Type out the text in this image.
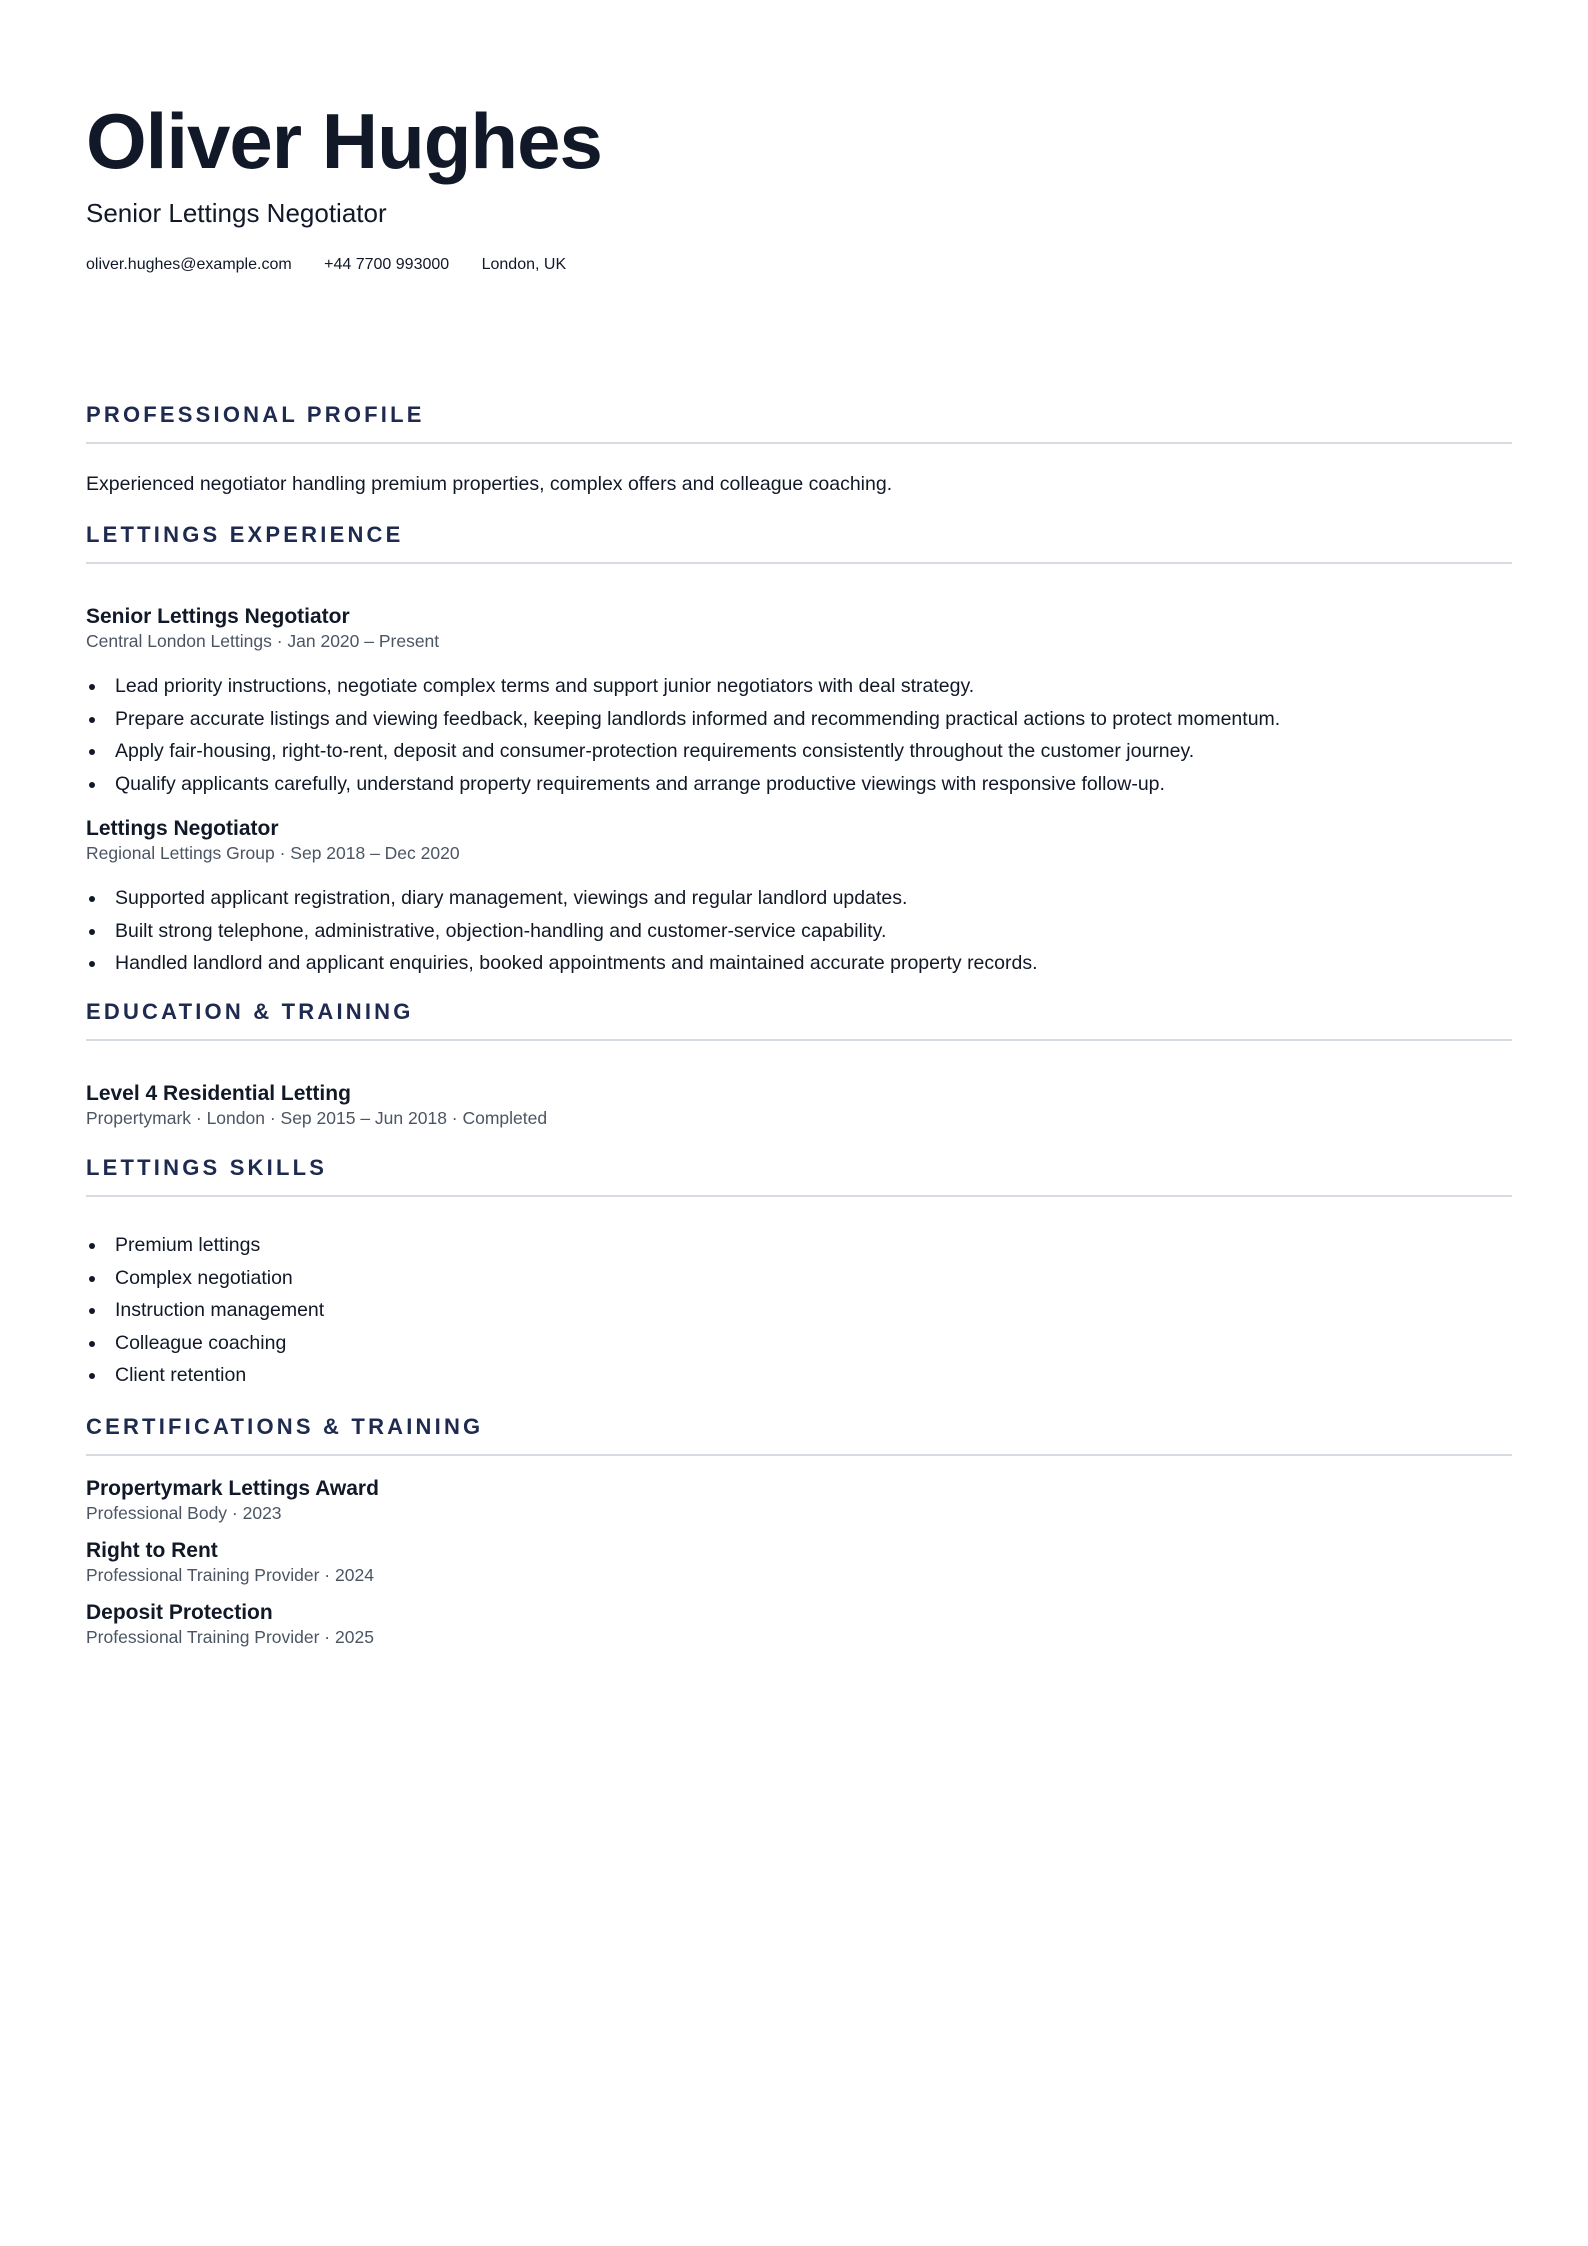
Oliver Hughes
Senior Lettings Negotiator
oliver.hughes@example.com +44 7700 993000 London, UK
PROFESSIONAL PROFILE
Experienced negotiator handling premium properties, complex offers and colleague coaching.
LETTINGS EXPERIENCE
Senior Lettings Negotiator
Central London Lettings · Jan 2020 – Present
Lead priority instructions, negotiate complex terms and support junior negotiators with deal strategy.
Prepare accurate listings and viewing feedback, keeping landlords informed and recommending practical actions to protect momentum.
Apply fair-housing, right-to-rent, deposit and consumer-protection requirements consistently throughout the customer journey.
Qualify applicants carefully, understand property requirements and arrange productive viewings with responsive follow-up.
Lettings Negotiator
Regional Lettings Group · Sep 2018 – Dec 2020
Supported applicant registration, diary management, viewings and regular landlord updates.
Built strong telephone, administrative, objection-handling and customer-service capability.
Handled landlord and applicant enquiries, booked appointments and maintained accurate property records.
EDUCATION & TRAINING
Level 4 Residential Letting
Propertymark · London · Sep 2015 – Jun 2018 · Completed
LETTINGS SKILLS
Premium lettings
Complex negotiation
Instruction management
Colleague coaching
Client retention
CERTIFICATIONS & TRAINING
Propertymark Lettings Award
Professional Body · 2023
Right to Rent
Professional Training Provider · 2024
Deposit Protection
Professional Training Provider · 2025
